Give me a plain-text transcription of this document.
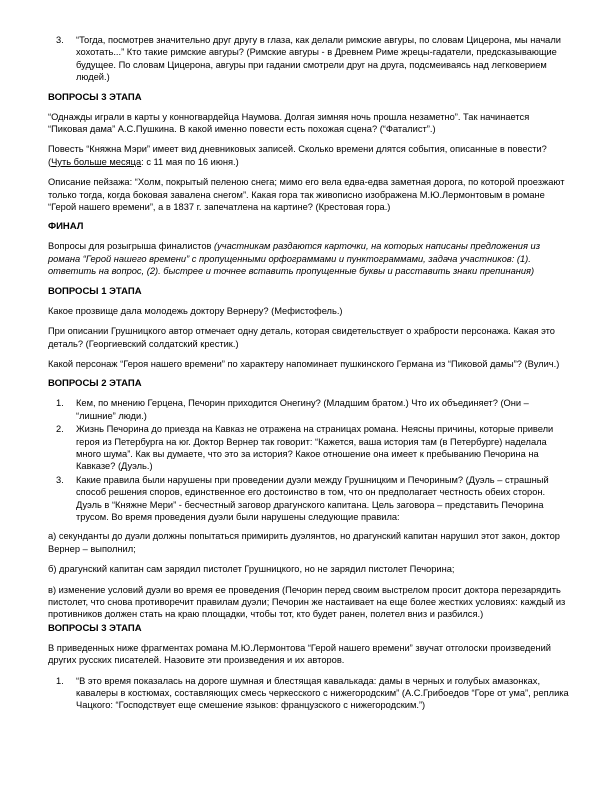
3. “Тогда, посмотрев значительно друг другу в глаза, как делали римские авгуры, по словам Цицерона, мы начали хохотать...” Кто такие римские авгуры? (Римские авгуры - в Древнем Риме жрецы-гадатели, предсказывающие будущее. По словам Цицерона, авгуры при гадании смотрели друг на друга, подсмеиваясь над легковерием людей.)
ВОПРОСЫ 3 ЭТАПА

“Однажды играли в карты у конногвардейца Наумова. Долгая зимняя ночь прошла незаметно”. Так начинается “Пиковая дама” А.С.Пушкина. В какой именно повести есть похожая сцена? (“Фаталист”.)

Повесть “Княжна Мэри” имеет вид дневниковых записей. Сколько времени длятся события, описанные в повести? (Чуть больше месяца: с 11 мая по 16 июня.)

Описание пейзажа: “Холм, покрытый пеленою снега; мимо его вела едва-едва заметная дорога, по которой проезжают только тогда, когда боковая завалена снегом”. Какая гора так живописно изображена М.Ю.Лермонтовым в романе “Герой нашего времени”, а в 1837 г. запечатлена на картине? (Крестовая гора.)

ФИНАЛ

Вопросы для розыгрыша финалистов (участникам раздаются карточки, на которых написаны предложения из романа “Герой нашего времени” с пропущенными орфограммами и пунктограммами, задача участников: (1). ответить на вопрос, (2). быстрее и точнее вставить пропущенные буквы и расставить знаки препинания)

ВОПРОСЫ 1 ЭТАПА

Какое прозвище дала молодежь доктору Вернеру? (Мефистофель.)

При описании Грушницкого автор отмечает одну деталь, которая свидетельствует о храбрости персонажа. Какая это деталь? (Георгиевский солдатский крестик.)

Какой персонаж “Героя нашего времени” по характеру напоминает пушкинского Германа из “Пиковой дамы”? (Вулич.)

ВОПРОСЫ 2 ЭТАПА
1. Кем, по мнению Герцена, Печорин приходится Онегину? (Младшим братом.) Что их объединяет? (Они – “лишние” люди.)
2. Жизнь Печорина до приезда на Кавказ не отражена на страницах романа. Неясны причины, которые привели героя из Петербурга на юг. Доктор Вернер так говорит: “Кажется, ваша история там (в Петербурге) наделала много шума”. Как вы думаете, что это за история? Какое отношение она имеет к пребыванию Печорина на Кавказе? (Дуэль.)
3. Какие правила были нарушены при проведении дуэли между Грушницким и Печориным? (Дуэль – страшный способ решения споров, единственное его достоинство в том, что он предполагает честность обеих сторон. Дуэль в “Княжне Мери” - бесчестный заговор драгунского капитана. Цель заговора – представить Печорина трусом. Во время проведения дуэли были нарушены следующие правила:

а) секунданты до дуэли должны попытаться примирить дуэлянтов, но драгунский капитан нарушил этот закон, доктор Вернер – выполнил;

б) драгунский капитан сам зарядил пистолет Грушницкого, но не зарядил пистолет Печорина;

в) изменение условий дуэли во время ее проведения (Печорин перед своим выстрелом просит доктора перезарядить пистолет, что снова противоречит правилам дуэли; Печорин же настаивает на еще более жестких условиях: каждый из противников должен стать на краю площадки, чтобы тот, кто будет ранен, полетел вниз и разбился.)

ВОПРОСЫ 3 ЭТАПА

В приведенных ниже фрагментах романа М.Ю.Лермонтова “Герой нашего времени” звучат отголоски произведений других русских писателей. Назовите эти произведения и их авторов.

1. “В это время показалась на дороге шумная и блестящая кавалькада: дамы в черных и голубых амазонках, кавалеры в костюмах, составляющих смесь черкесского с нижегородским” (А.С.Грибоедов “Горе от ума”, реплика Чацкого: “Господствует еще смешение языков: французского с нижегородским.”)
